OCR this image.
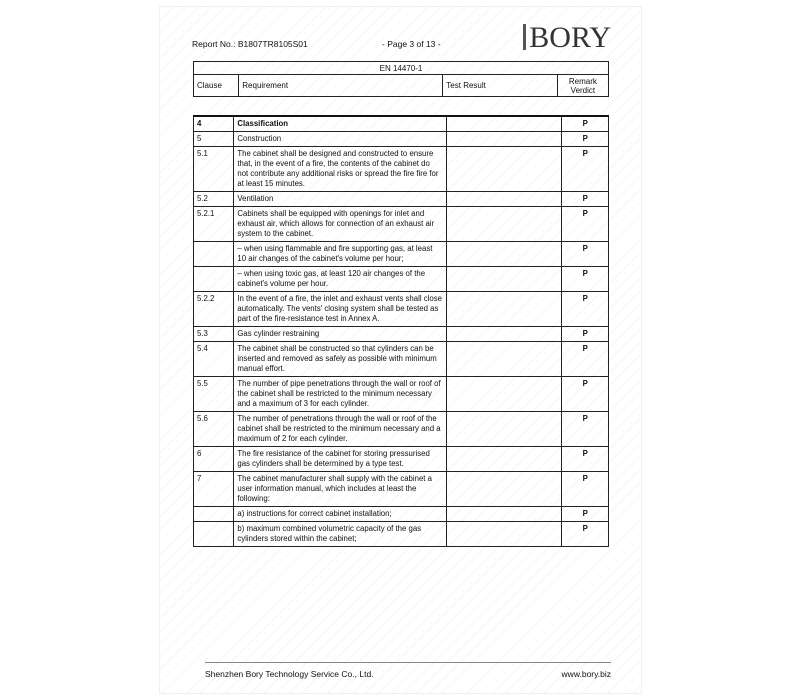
Report No.: B1807TR8105S01	- Page 3 of 13 -	BORY
EN 14470-1
Clause	Requirement	Test Result	Remark Verdict
4	Classification		P
5	Construction		P
5.1	The cabinet shall be designed and constructed to ensure that, in the event of a fire, the contents of the cabinet do not contribute any additional risks or spread the fire fire for at least 15 minutes.		P
5.2	Ventilation		P
5.2.1	Cabinets shall be equipped with openings for inlet and exhaust air, which allows for connection of an exhaust air system to the cabinet.		P
	– when using flammable and fire supporting gas, at least 10 air changes of the cabinet's volume per hour;		P
	– when using toxic gas, at least 120 air changes of the cabinet's volume per hour.		P
5.2.2	In the event of a fire, the inlet and exhaust vents shall close automatically. The vents' closing system shall be tested as part of the fire-resistance test in Annex A.		P
5.3	Gas cylinder restraining		P
5.4	The cabinet shall be constructed so that cylinders can be inserted and removed as safely as possible with minimum manual effort.		P
5.5	The number of pipe penetrations through the wall or roof of the cabinet shall be restricted to the minimum necessary and a maximum of 3 for each cylinder.		P
5.6	The number of penetrations through the wall or roof of the cabinet shall be restricted to the minimum necessary and a maximum of 2 for each cylinder.		P
6	The fire resistance of the cabinet for storing pressurised gas cylinders shall be determined by a type test.		P
7	The cabinet manufacturer shall supply with the cabinet a user information manual, which includes at least the following:		P
	a) instructions for correct cabinet installation;		P
	b) maximum combined volumetric capacity of the gas cylinders stored within the cabinet;		P
Shenzhen Bory Technology Service Co., Ltd.	www.bory.biz
